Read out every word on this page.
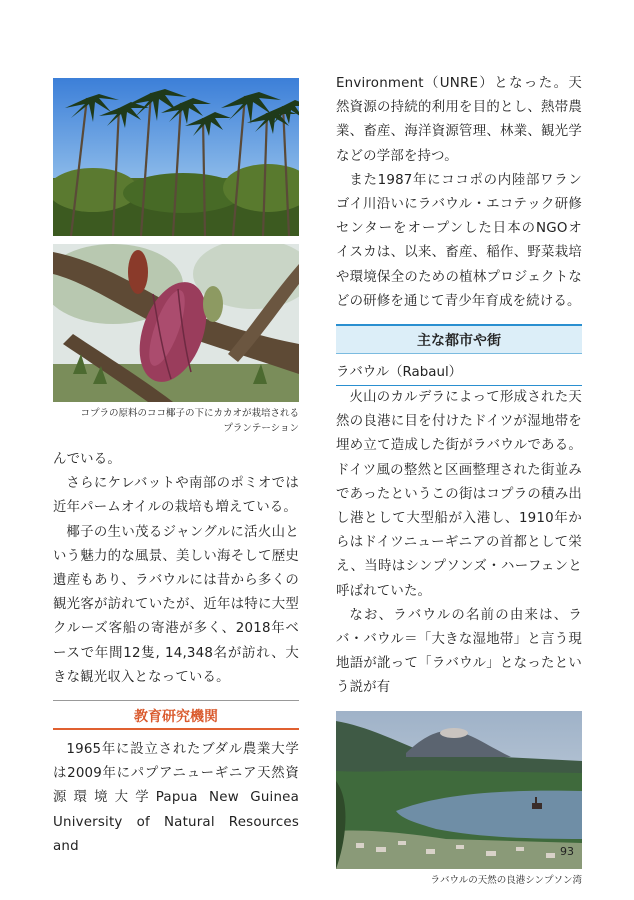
コプラの原料のココ椰子の下にカカオが栽培される
プランテーション

んでいる。

さらにケレバットや南部のポミオでは近年パームオイルの栽培も増えている。

椰子の生い茂るジャングルに活火山という魅力的な風景、美しい海そして歴史遺産もあり、ラバウルには昔から多くの観光客が訪れていたが、近年は特に大型クルーズ客船の寄港が多く、2018年ベースで年間12隻, 14,348名が訪れ、大きな観光収入となっている。

教育研究機関

1965年に設立されたブダル農業大学は2009年にパプアニューギニア天然資源環境大学Papua New Guinea University of Natural Resources and

Environment（UNRE）となった。天然資源の持続的利用を目的とし、熱帯農業、畜産、海洋資源管理、林業、観光学などの学部を持つ。

また1987年にココポの内陸部ワランゴイ川沿いにラバウル・エコテック研修センターをオープンした日本のNGOオイスカは、以来、畜産、稲作、野菜栽培や環境保全のための植林プロジェクトなどの研修を通じて青少年育成を続ける。

主な都市や街

ラバウル（Rabaul）

火山のカルデラによって形成された天然の良港に目を付けたドイツが湿地帯を埋め立て造成した街がラバウルである。ドイツ風の整然と区画整理された街並みであったというこの街はコプラの積み出し港として大型船が入港し、1910年からはドイツニューギニアの首都として栄え、当時はシンプソンズ・ハーフェンと呼ばれていた。

なお、ラバウルの名前の由来は、ラバ・バウル＝「大きな湿地帯」と言う現地語が訛って「ラバウル」となったという説が有

ラバウルの天然の良港シンプソン湾

93
